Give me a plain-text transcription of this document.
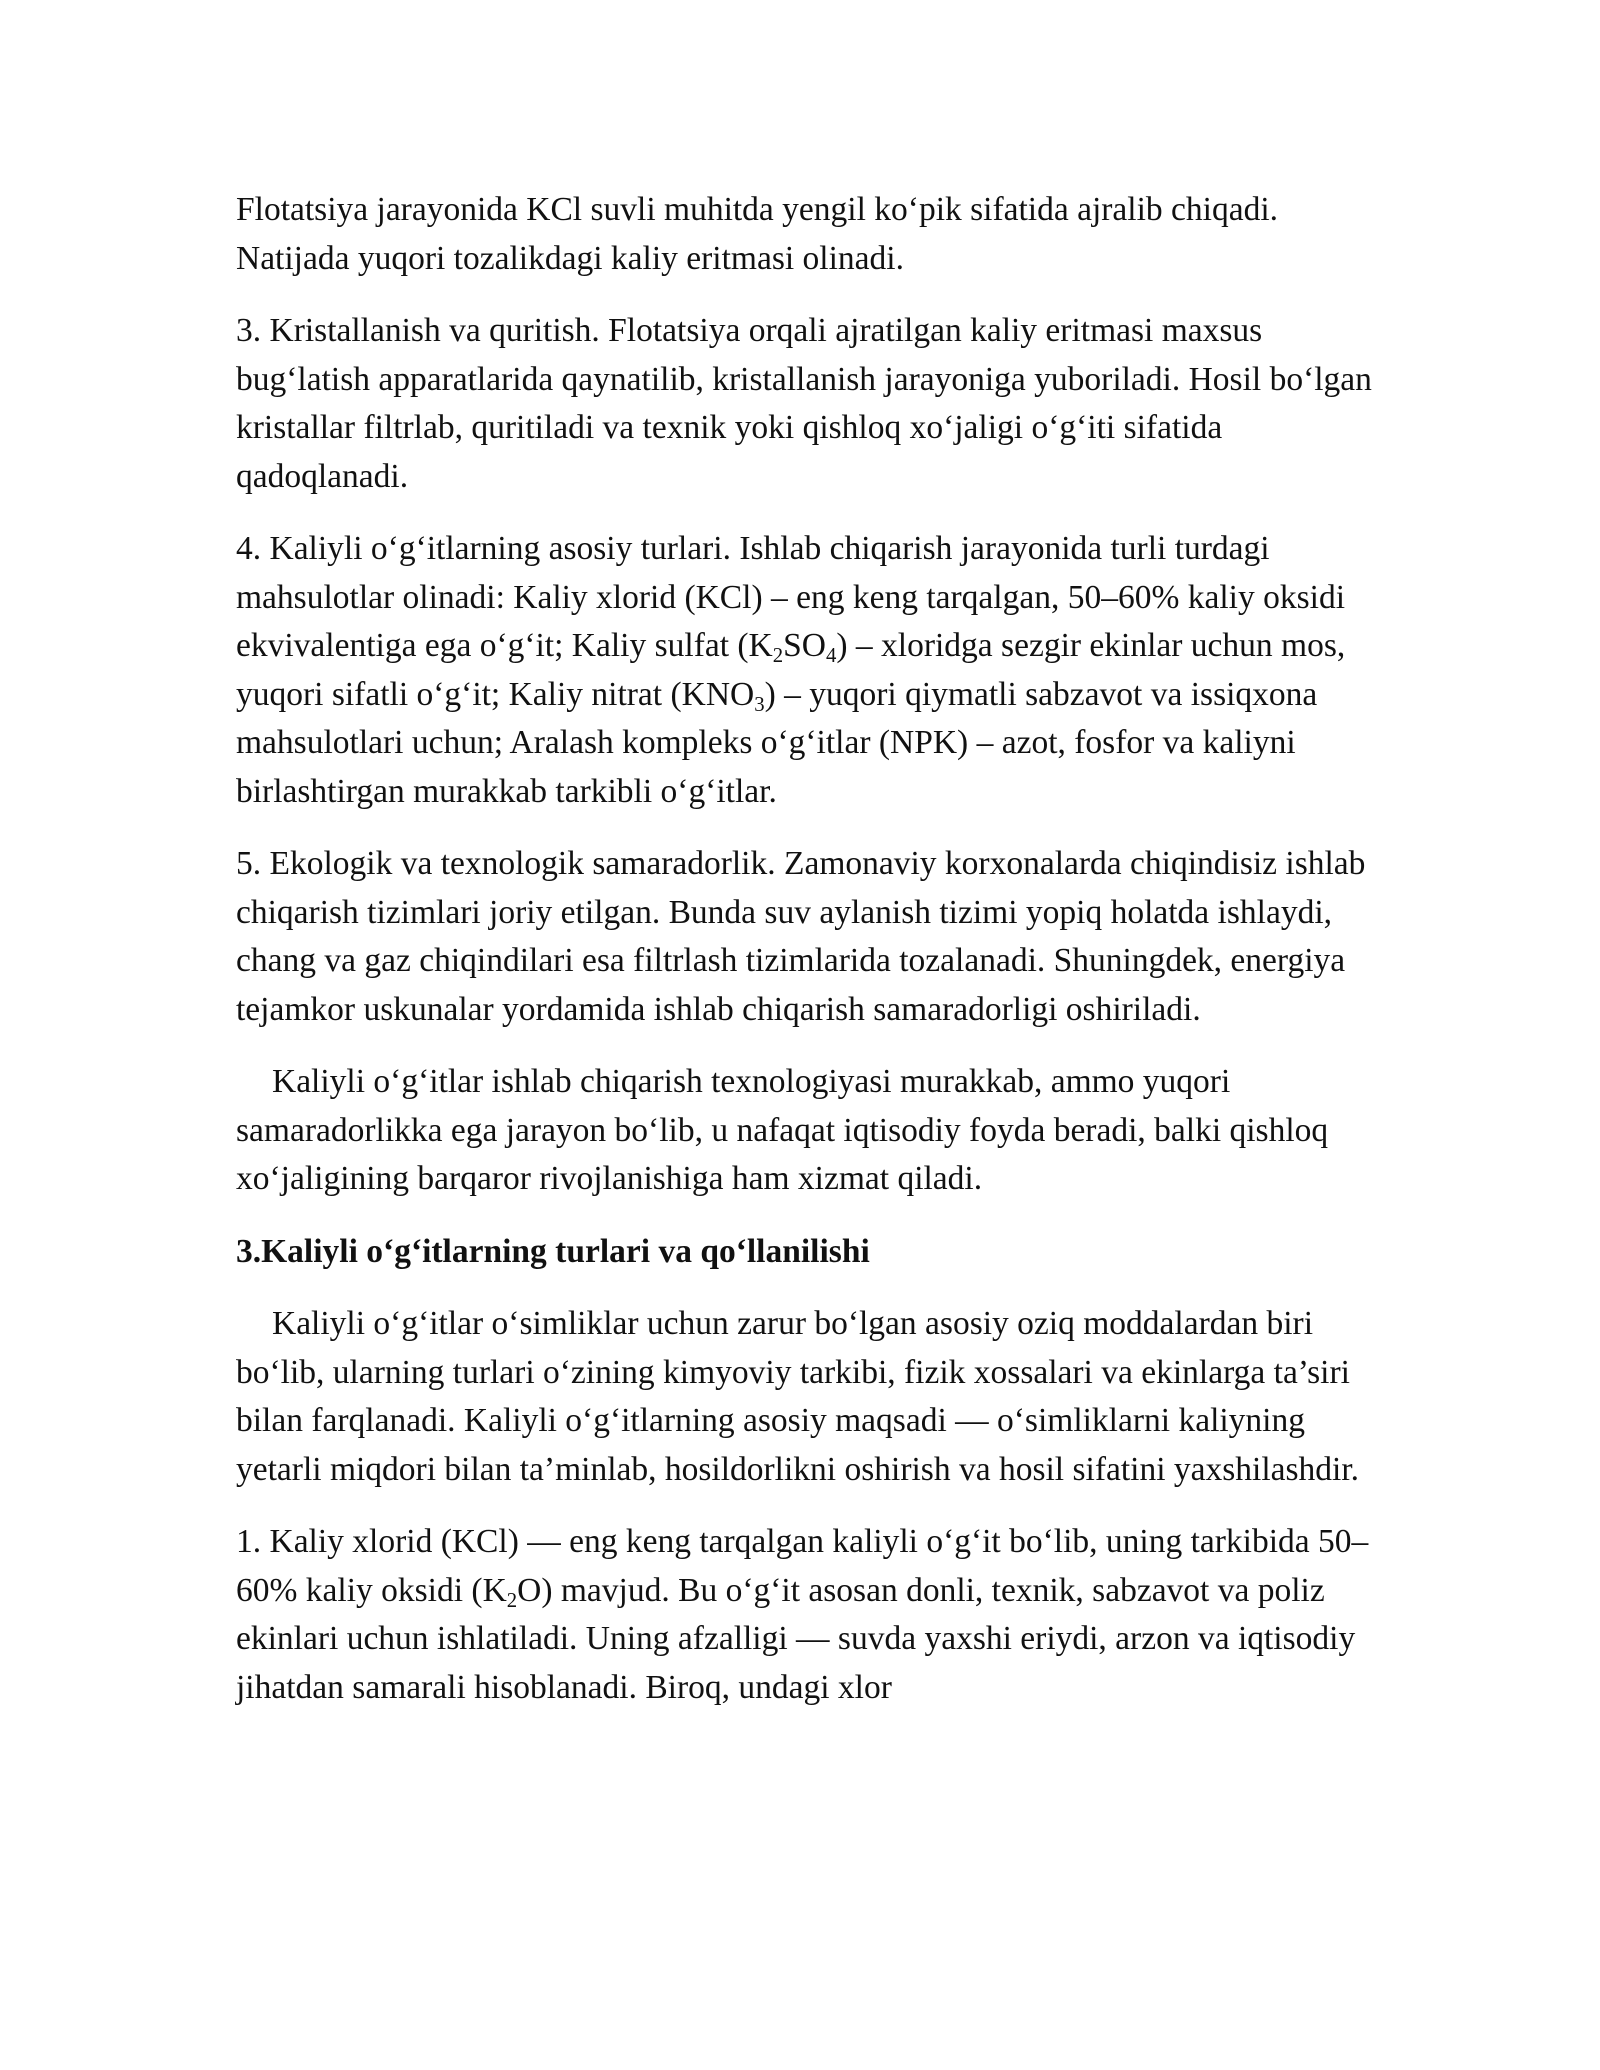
Flotatsiya jarayonida KCl suvli muhitda yengil ko‘pik sifatida ajralib chiqadi. Natijada yuqori tozalikdagi kaliy eritmasi olinadi.

3. Kristallanish va quritish. Flotatsiya orqali ajratilgan kaliy eritmasi maxsus bug‘latish apparatlarida qaynatilib, kristallanish jarayoniga yuboriladi. Hosil bo‘lgan kristallar filtrlab, quritiladi va texnik yoki qishloq xo‘jaligi o‘g‘iti sifatida qadoqlanadi.

4. Kaliyli o‘g‘itlarning asosiy turlari. Ishlab chiqarish jarayonida turli turdagi mahsulotlar olinadi: Kaliy xlorid (KCl) – eng keng tarqalgan, 50–60% kaliy oksidi ekvivalentiga ega o‘g‘it; Kaliy sulfat $(K_2SO_4)$ – xloridga sezgir ekinlar uchun mos, yuqori sifatli o‘g‘it; Kaliy nitrat $(KNO_3)$ – yuqori qiymatli sabzavot va issiqxona mahsulotlari uchun; Aralash kompleks o‘g‘itlar (NPK) – azot, fosfor va kaliyni birlashtirgan murakkab tarkibli o‘g‘itlar.

5. Ekologik va texnologik samaradorlik. Zamonaviy korxonalarda chiqindisiz ishlab chiqarish tizimlari joriy etilgan. Bunda suv aylanish tizimi yopiq holatda ishlaydi, chang va gaz chiqindilari esa filtrlash tizimlarida tozalanadi. Shuningdek, energiya tejamkor uskunalar yordamida ishlab chiqarish samaradorligi oshiriladi.

Kaliyli o‘g‘itlar ishlab chiqarish texnologiyasi murakkab, ammo yuqori samaradorlikka ega jarayon bo‘lib, u nafaqat iqtisodiy foyda beradi, balki qishloq xo‘jaligining barqaror rivojlanishiga ham xizmat qiladi.

3.Kaliyli o‘g‘itlarning turlari va qo‘llanilishi

Kaliyli o‘g‘itlar o‘simliklar uchun zarur bo‘lgan asosiy oziq moddalardan biri bo‘lib, ularning turlari o‘zining kimyoviy tarkibi, fizik xossalari va ekinlarga ta’siri bilan farqlanadi. Kaliyli o‘g‘itlarning asosiy maqsadi — o‘simliklarni kaliyning yetarli miqdori bilan ta’minlab, hosildorlikni oshirish va hosil sifatini yaxshilashdir.

1. Kaliy xlorid (KCl) — eng keng tarqalgan kaliyli o‘g‘it bo‘lib, uning tarkibida 50–60% kaliy oksidi $(K_2O)$ mavjud. Bu o‘g‘it asosan donli, texnik, sabzavot va poliz ekinlari uchun ishlatiladi. Uning afzalligi — suvda yaxshi eriydi, arzon va iqtisodiy jihatdan samarali hisoblanadi. Biroq, undagi xlor
